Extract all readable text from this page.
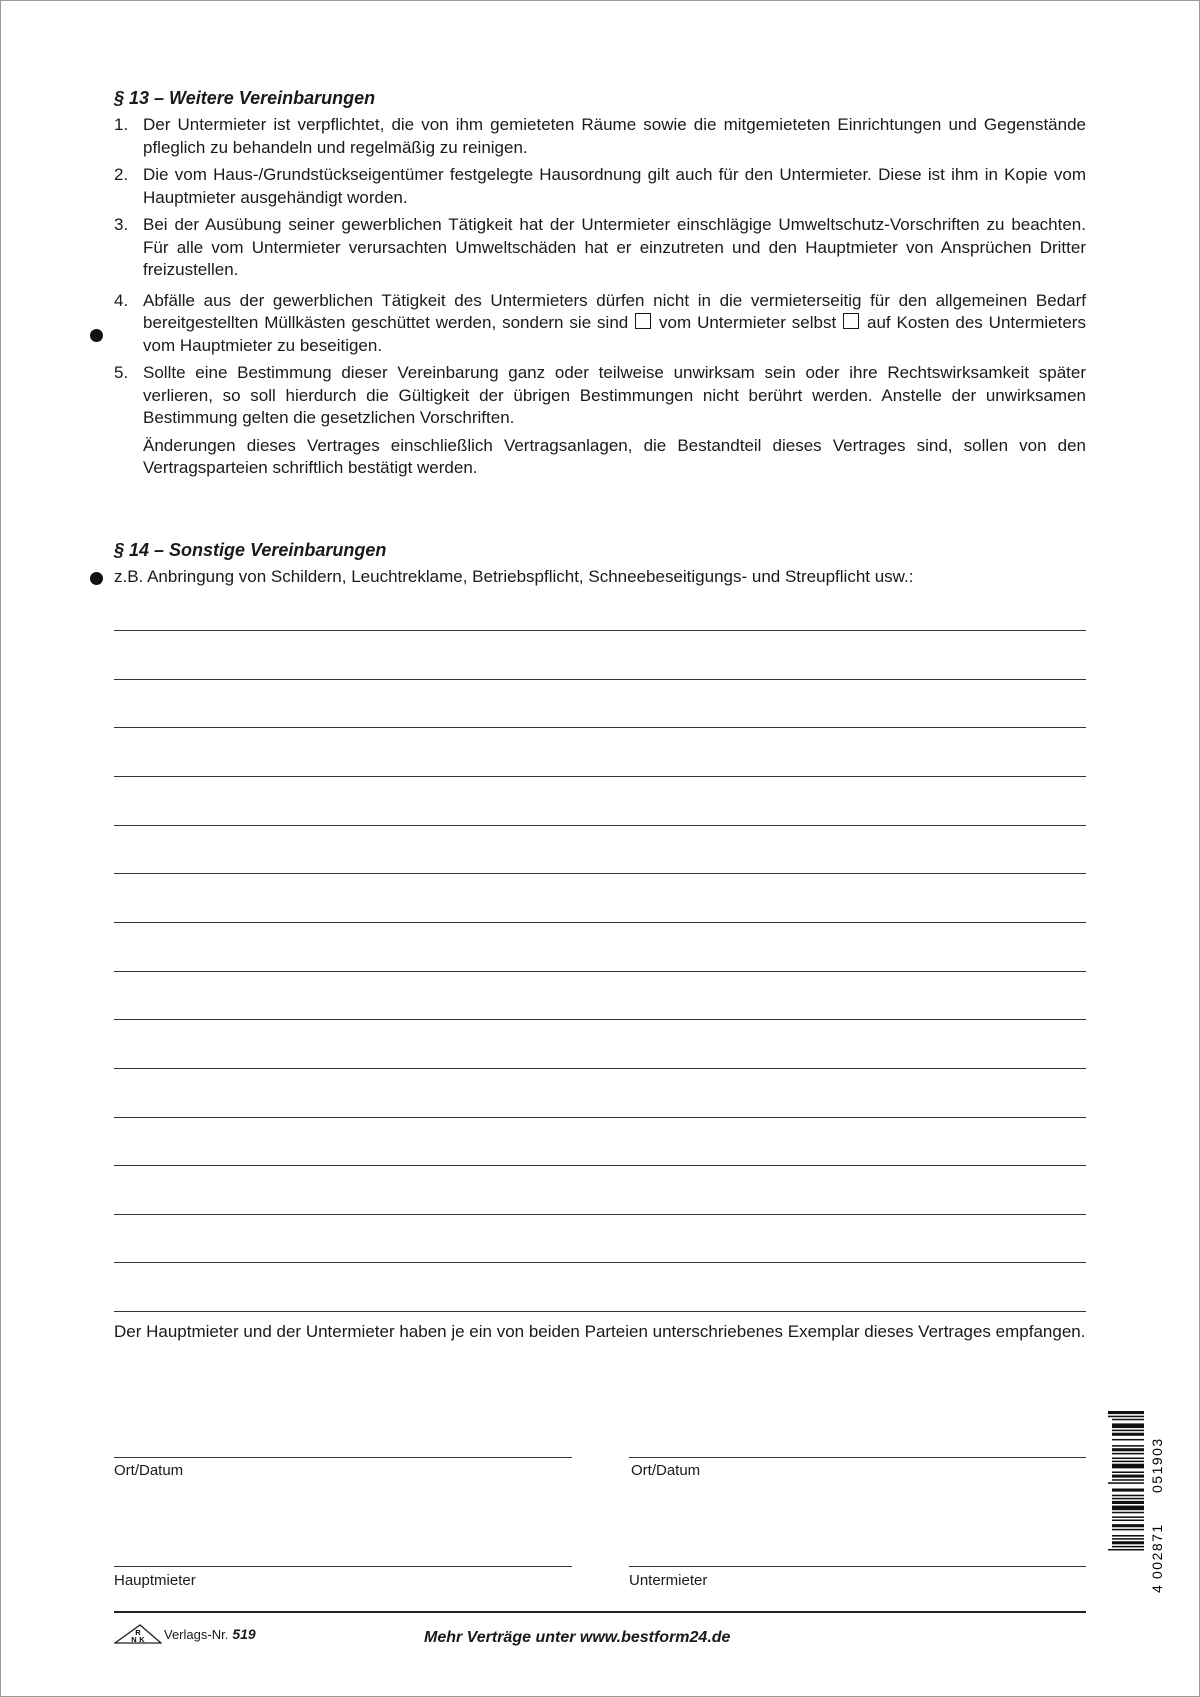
§ 13 – Weitere Vereinbarungen
1. Der Untermieter ist verpflichtet, die von ihm gemieteten Räume sowie die mitgemieteten Einrichtungen und Gegenstände pfleglich zu behandeln und regelmäßig zu reinigen.
2. Die vom Haus-/Grundstückseigentümer festgelegte Hausordnung gilt auch für den Untermieter. Diese ist ihm in Kopie vom Hauptmieter ausgehändigt worden.
3. Bei der Ausübung seiner gewerblichen Tätigkeit hat der Untermieter einschlägige Umweltschutz-Vorschriften zu beachten. Für alle vom Untermieter verursachten Umweltschäden hat er einzutreten und den Hauptmieter von Ansprüchen Dritter freizustellen.
4. Abfälle aus der gewerblichen Tätigkeit des Untermieters dürfen nicht in die vermieterseitig für den allgemeinen Bedarf bereitgestellten Müllkästen geschüttet werden, sondern sie sind vom Untermieter selbst auf Kosten des Untermieters vom Hauptmieter zu beseitigen.
5. Sollte eine Bestimmung dieser Vereinbarung ganz oder teilweise unwirksam sein oder ihre Rechtswirksamkeit später verlieren, so soll hierdurch die Gültigkeit der übrigen Bestimmungen nicht berührt werden. Anstelle der unwirksamen Bestimmung gelten die gesetzlichen Vorschriften.
Änderungen dieses Vertrages einschließlich Vertragsanlagen, die Bestandteil dieses Vertrages sind, sollen von den Vertragsparteien schriftlich bestätigt werden.
§ 14 – Sonstige Vereinbarungen
z.B. Anbringung von Schildern, Leuchtreklame, Betriebspflicht, Schneebeseitigungs- und Streupflicht usw.:
Der Hauptmieter und der Untermieter haben je ein von beiden Parteien unterschriebenes Exemplar dieses Vertrages empfangen.
Ort/Datum	Ort/Datum
Hauptmieter	Untermieter
R
N K Verlags-Nr. 519	Mehr Verträge unter www.bestform24.de
4
002871
051903
